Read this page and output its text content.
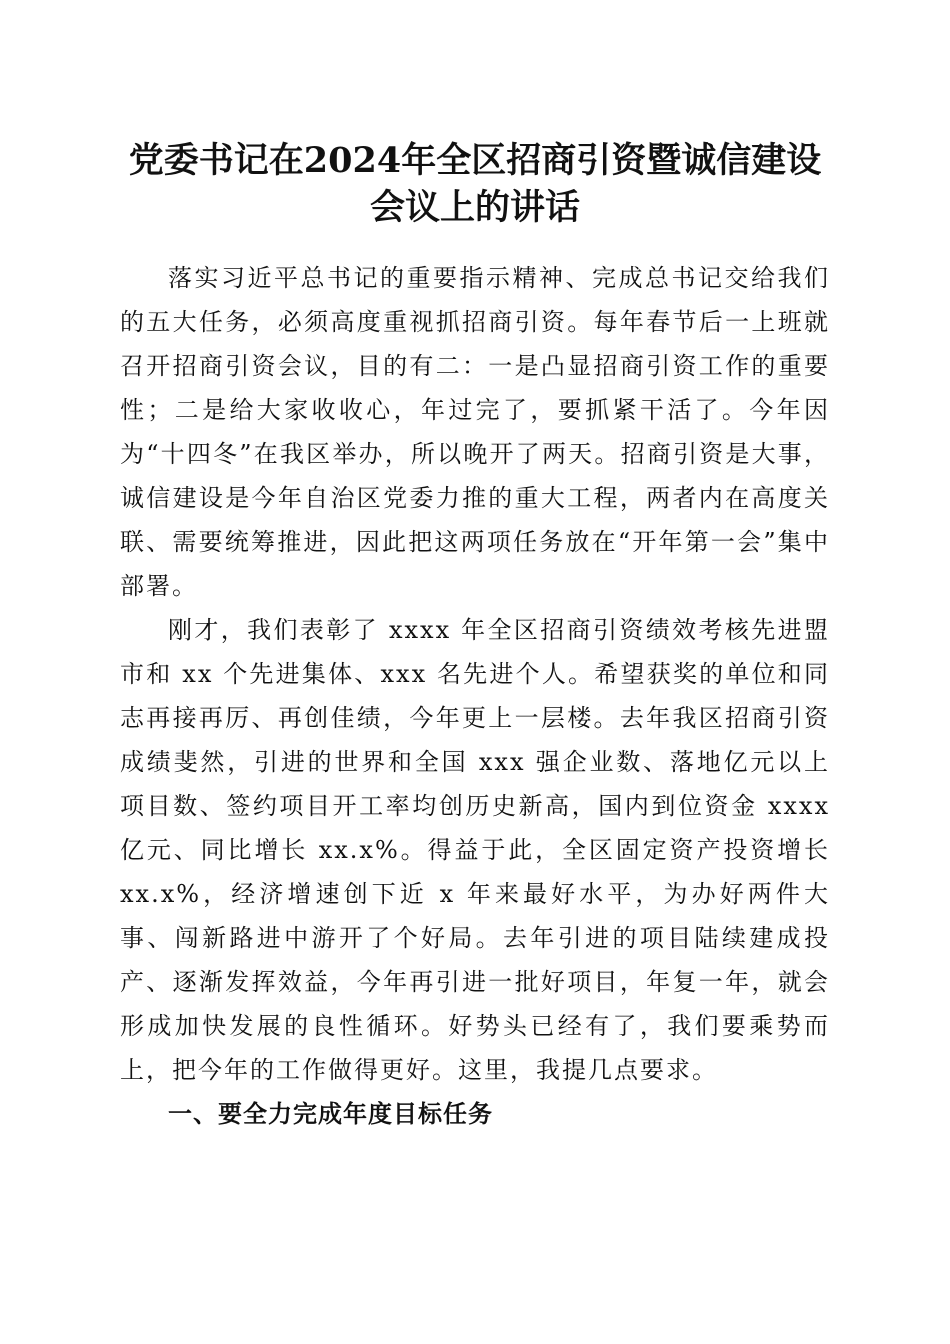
党委书记在2024年全区招商引资暨诚信建设
会议上的讲话

落实习近平总书记的重要指示精神、完成总书记交给我们的五大任务，必须高度重视抓招商引资。每年春节后一上班就召开招商引资会议，目的有二：一是凸显招商引资工作的重要性；二是给大家收收心，年过完了，要抓紧干活了。今年因为“十四冬”在我区举办，所以晚开了两天。招商引资是大事，诚信建设是今年自治区党委力推的重大工程，两者内在高度关联、需要统筹推进，因此把这两项任务放在“开年第一会”集中部署。

刚才，我们表彰了 xxxx 年全区招商引资绩效考核先进盟市和 xx 个先进集体、xxx 名先进个人。希望获奖的单位和同志再接再厉、再创佳绩，今年更上一层楼。去年我区招商引资成绩斐然，引进的世界和全国 xxx 强企业数、落地亿元以上项目数、签约项目开工率均创历史新高，国内到位资金 xxxx 亿元、同比增长 xx.x%。得益于此，全区固定资产投资增长 xx.x%，经济增速创下近 x 年来最好水平，为办好两件大事、闯新路进中游开了个好局。去年引进的项目陆续建成投产、逐渐发挥效益，今年再引进一批好项目，年复一年，就会形成加快发展的良性循环。好势头已经有了，我们要乘势而上，把今年的工作做得更好。这里，我提几点要求。

一、要全力完成年度目标任务
